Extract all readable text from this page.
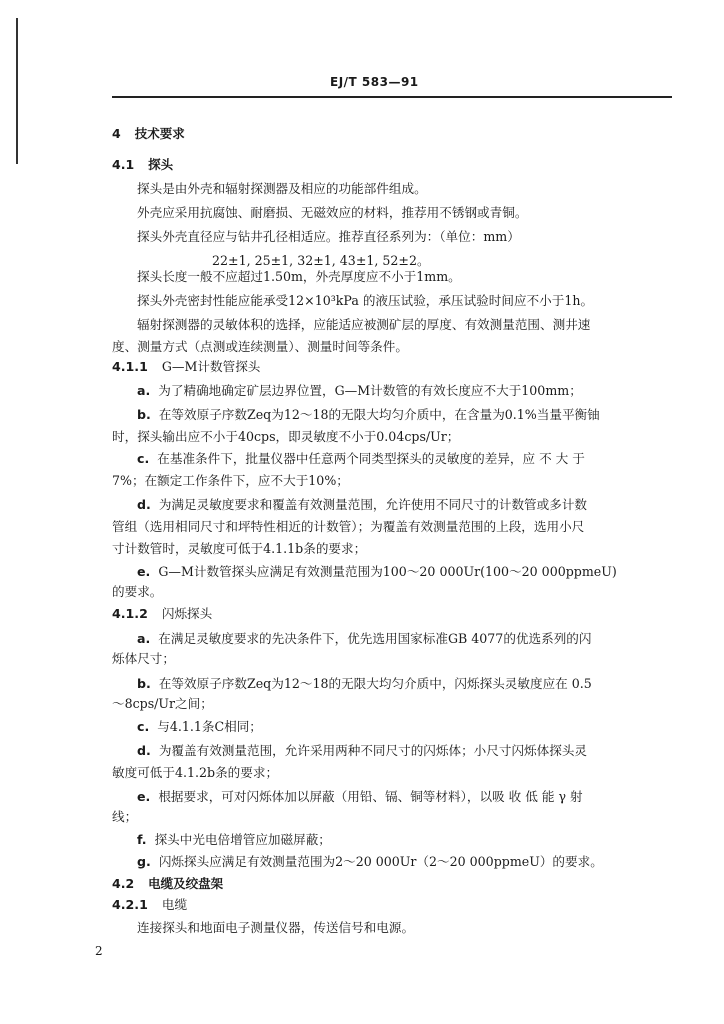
EJ/T 583—91
4 技术要求
4.1 探头
探头是由外壳和辐射探测器及相应的功能部件组成。
外壳应采用抗腐蚀、耐磨损、无磁效应的材料，推荐用不锈钢或青铜。
探头外壳直径应与钻井孔径相适应。推荐直径系列为：（单位：mm）
22±1, 25±1, 32±1, 43±1, 52±2。
探头长度一般不应超过1.50m，外壳厚度应不小于1mm。
探头外壳密封性能应能承受12×10³kPa 的液压试验，承压试验时间应不小于1h。
辐射探测器的灵敏体积的选择，应能适应被测矿层的厚度、有效测量范围、测井速
度、测量方式（点测或连续测量）、测量时间等条件。
4.1.1 G—M计数管探头
a. 为了精确地确定矿层边界位置，G—M计数管的有效长度应不大于100mm；
b. 在等效原子序数Zeq为12～18的无限大均匀介质中，在含量为0.1%当量平衡铀
时，探头输出应不小于40cps，即灵敏度不小于0.04cps/Ur；
c. 在基准条件下，批量仪器中任意两个同类型探头的灵敏度的差异，应 不 大 于
7%；在额定工作条件下，应不大于10%；
d. 为满足灵敏度要求和覆盖有效测量范围，允许使用不同尺寸的计数管或多计数
管组（选用相同尺寸和坪特性相近的计数管）；为覆盖有效测量范围的上段，选用小尺
寸计数管时，灵敏度可低于4.1.1b条的要求；
e. G—M计数管探头应满足有效测量范围为100～20 000Ur(100～20 000ppmeU)
的要求。
4.1.2 闪烁探头
a. 在满足灵敏度要求的先决条件下，优先选用国家标准GB 4077的优选系列的闪
烁体尺寸；
b. 在等效原子序数Zeq为12～18的无限大均匀介质中，闪烁探头灵敏度应在 0.5
～8cps/Ur之间；
c. 与4.1.1条C相同；
d. 为覆盖有效测量范围，允许采用两种不同尺寸的闪烁体；小尺寸闪烁体探头灵
敏度可低于4.1.2b条的要求；
e. 根据要求，可对闪烁体加以屏蔽（用铅、镉、铜等材料），以吸 收 低 能 γ 射
线；
f. 探头中光电倍增管应加磁屏蔽；
g. 闪烁探头应满足有效测量范围为2～20 000Ur（2～20 000ppmeU）的要求。
4.2 电缆及绞盘架
4.2.1 电缆
连接探头和地面电子测量仪器，传送信号和电源。
2
